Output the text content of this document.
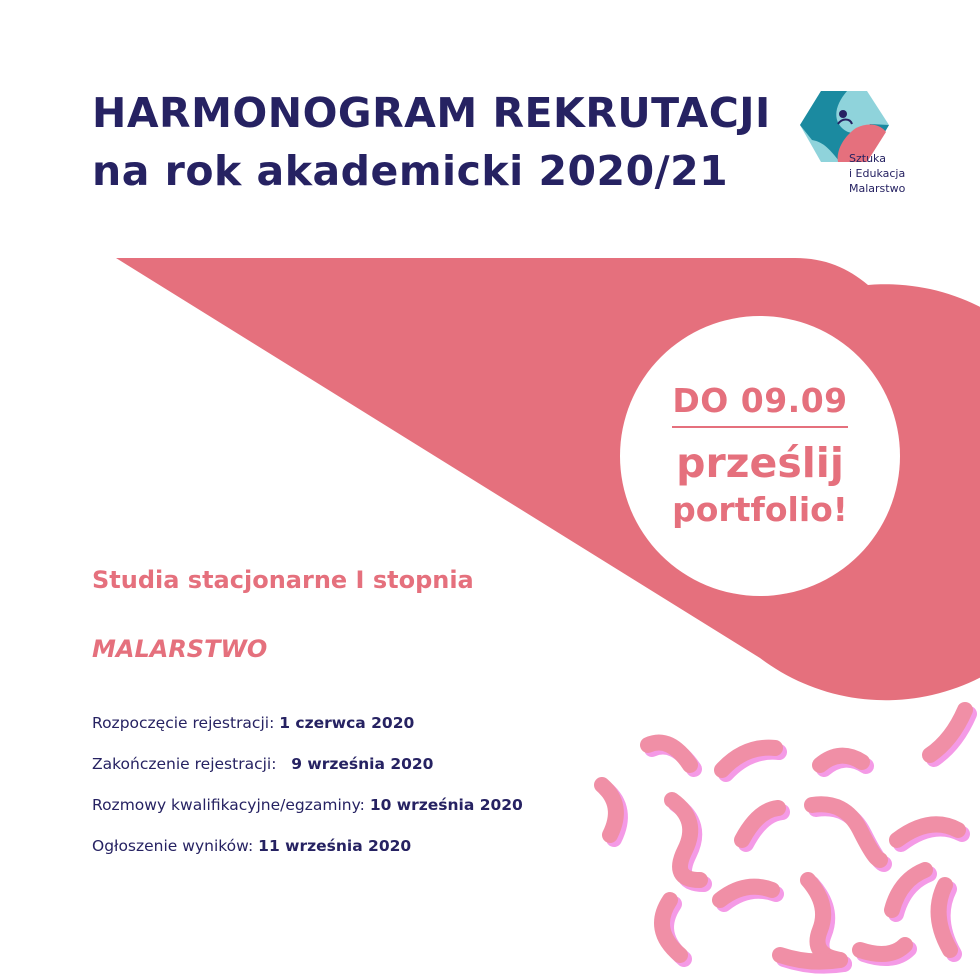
HARMONOGRAM REKRUTACJI
na rok akademicki 2020/21	Sztuka
i Edukacja
Malarstwo
DO 09.09
prześlij
portfolio!
Studia stacjonarne I stopnia
MALARSTWO
Rozpoczęcie rejestracji: 1 czerwca 2020
Zakończenie rejestracji: 9 września 2020
Rozmowy kwalifikacyjne/egzaminy: 10 września 2020
Ogłoszenie wyników: 11 września 2020
